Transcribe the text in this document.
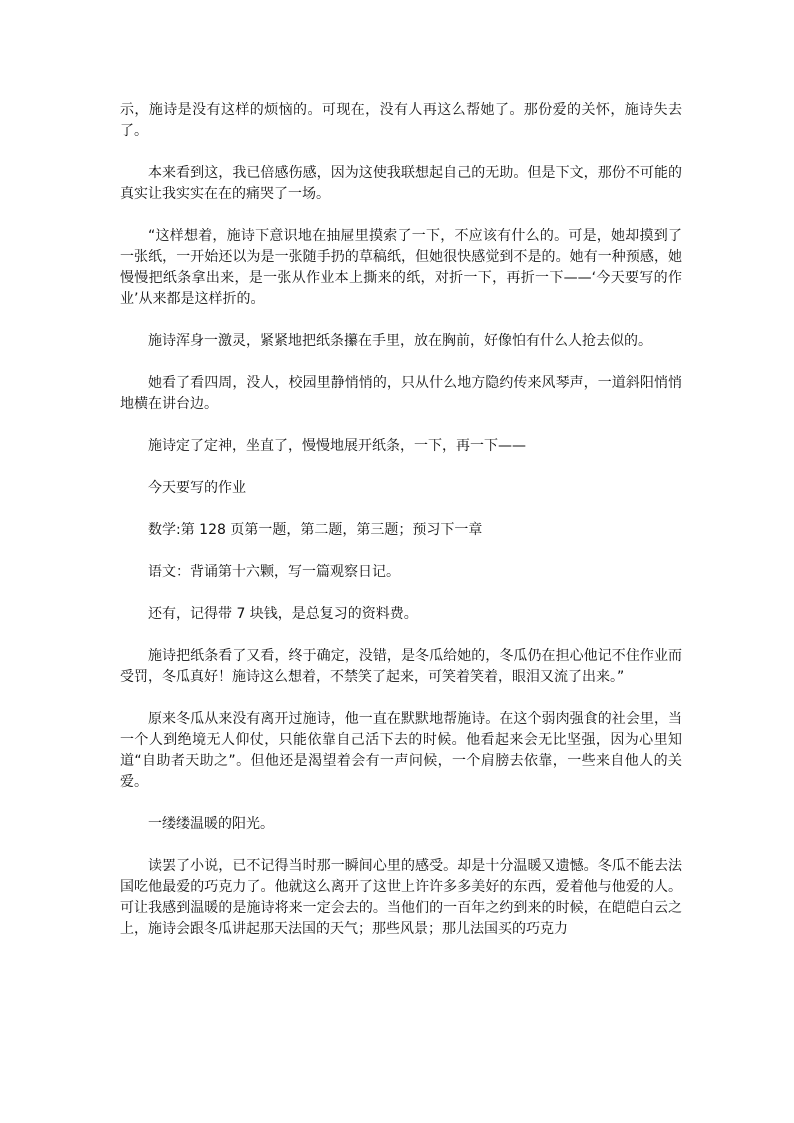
示，施诗是没有这样的烦恼的。可现在，没有人再这么帮她了。那份爱的关怀，施诗失去了。

本来看到这，我已倍感伤感，因为这使我联想起自己的无助。但是下文，那份不可能的真实让我实实在在的痛哭了一场。

“这样想着，施诗下意识地在抽屉里摸索了一下，不应该有什么的。可是，她却摸到了一张纸，一开始还以为是一张随手扔的草稿纸，但她很快感觉到不是的。她有一种预感，她慢慢把纸条拿出来，是一张从作业本上撕来的纸，对折一下，再折一下——‘今天要写的作业’从来都是这样折的。

施诗浑身一激灵，紧紧地把纸条攥在手里，放在胸前，好像怕有什么人抢去似的。

她看了看四周，没人，校园里静悄悄的，只从什么地方隐约传来风琴声，一道斜阳悄悄地横在讲台边。

施诗定了定神，坐直了，慢慢地展开纸条，一下，再一下——

今天要写的作业

数学:第 128 页第一题，第二题，第三题；预习下一章

语文：背诵第十六颗，写一篇观察日记。

还有，记得带 7 块钱，是总复习的资料费。

施诗把纸条看了又看，终于确定，没错，是冬瓜给她的，冬瓜仍在担心他记不住作业而受罚，冬瓜真好！施诗这么想着，不禁笑了起来，可笑着笑着，眼泪又流了出来。”

原来冬瓜从来没有离开过施诗，他一直在默默地帮施诗。在这个弱肉强食的社会里，当一个人到绝境无人仰仗，只能依靠自己活下去的时候。他看起来会无比坚强，因为心里知道“自助者天助之”。但他还是渴望着会有一声问候，一个肩膀去依靠，一些来自他人的关爱。

一缕缕温暖的阳光。

读罢了小说，已不记得当时那一瞬间心里的感受。却是十分温暖又遗憾。冬瓜不能去法国吃他最爱的巧克力了。他就这么离开了这世上许许多多美好的东西，爱着他与他爱的人。可让我感到温暖的是施诗将来一定会去的。当他们的一百年之约到来的时候，在皑皑白云之上，施诗会跟冬瓜讲起那天法国的天气；那些风景；那儿法国买的巧克力
